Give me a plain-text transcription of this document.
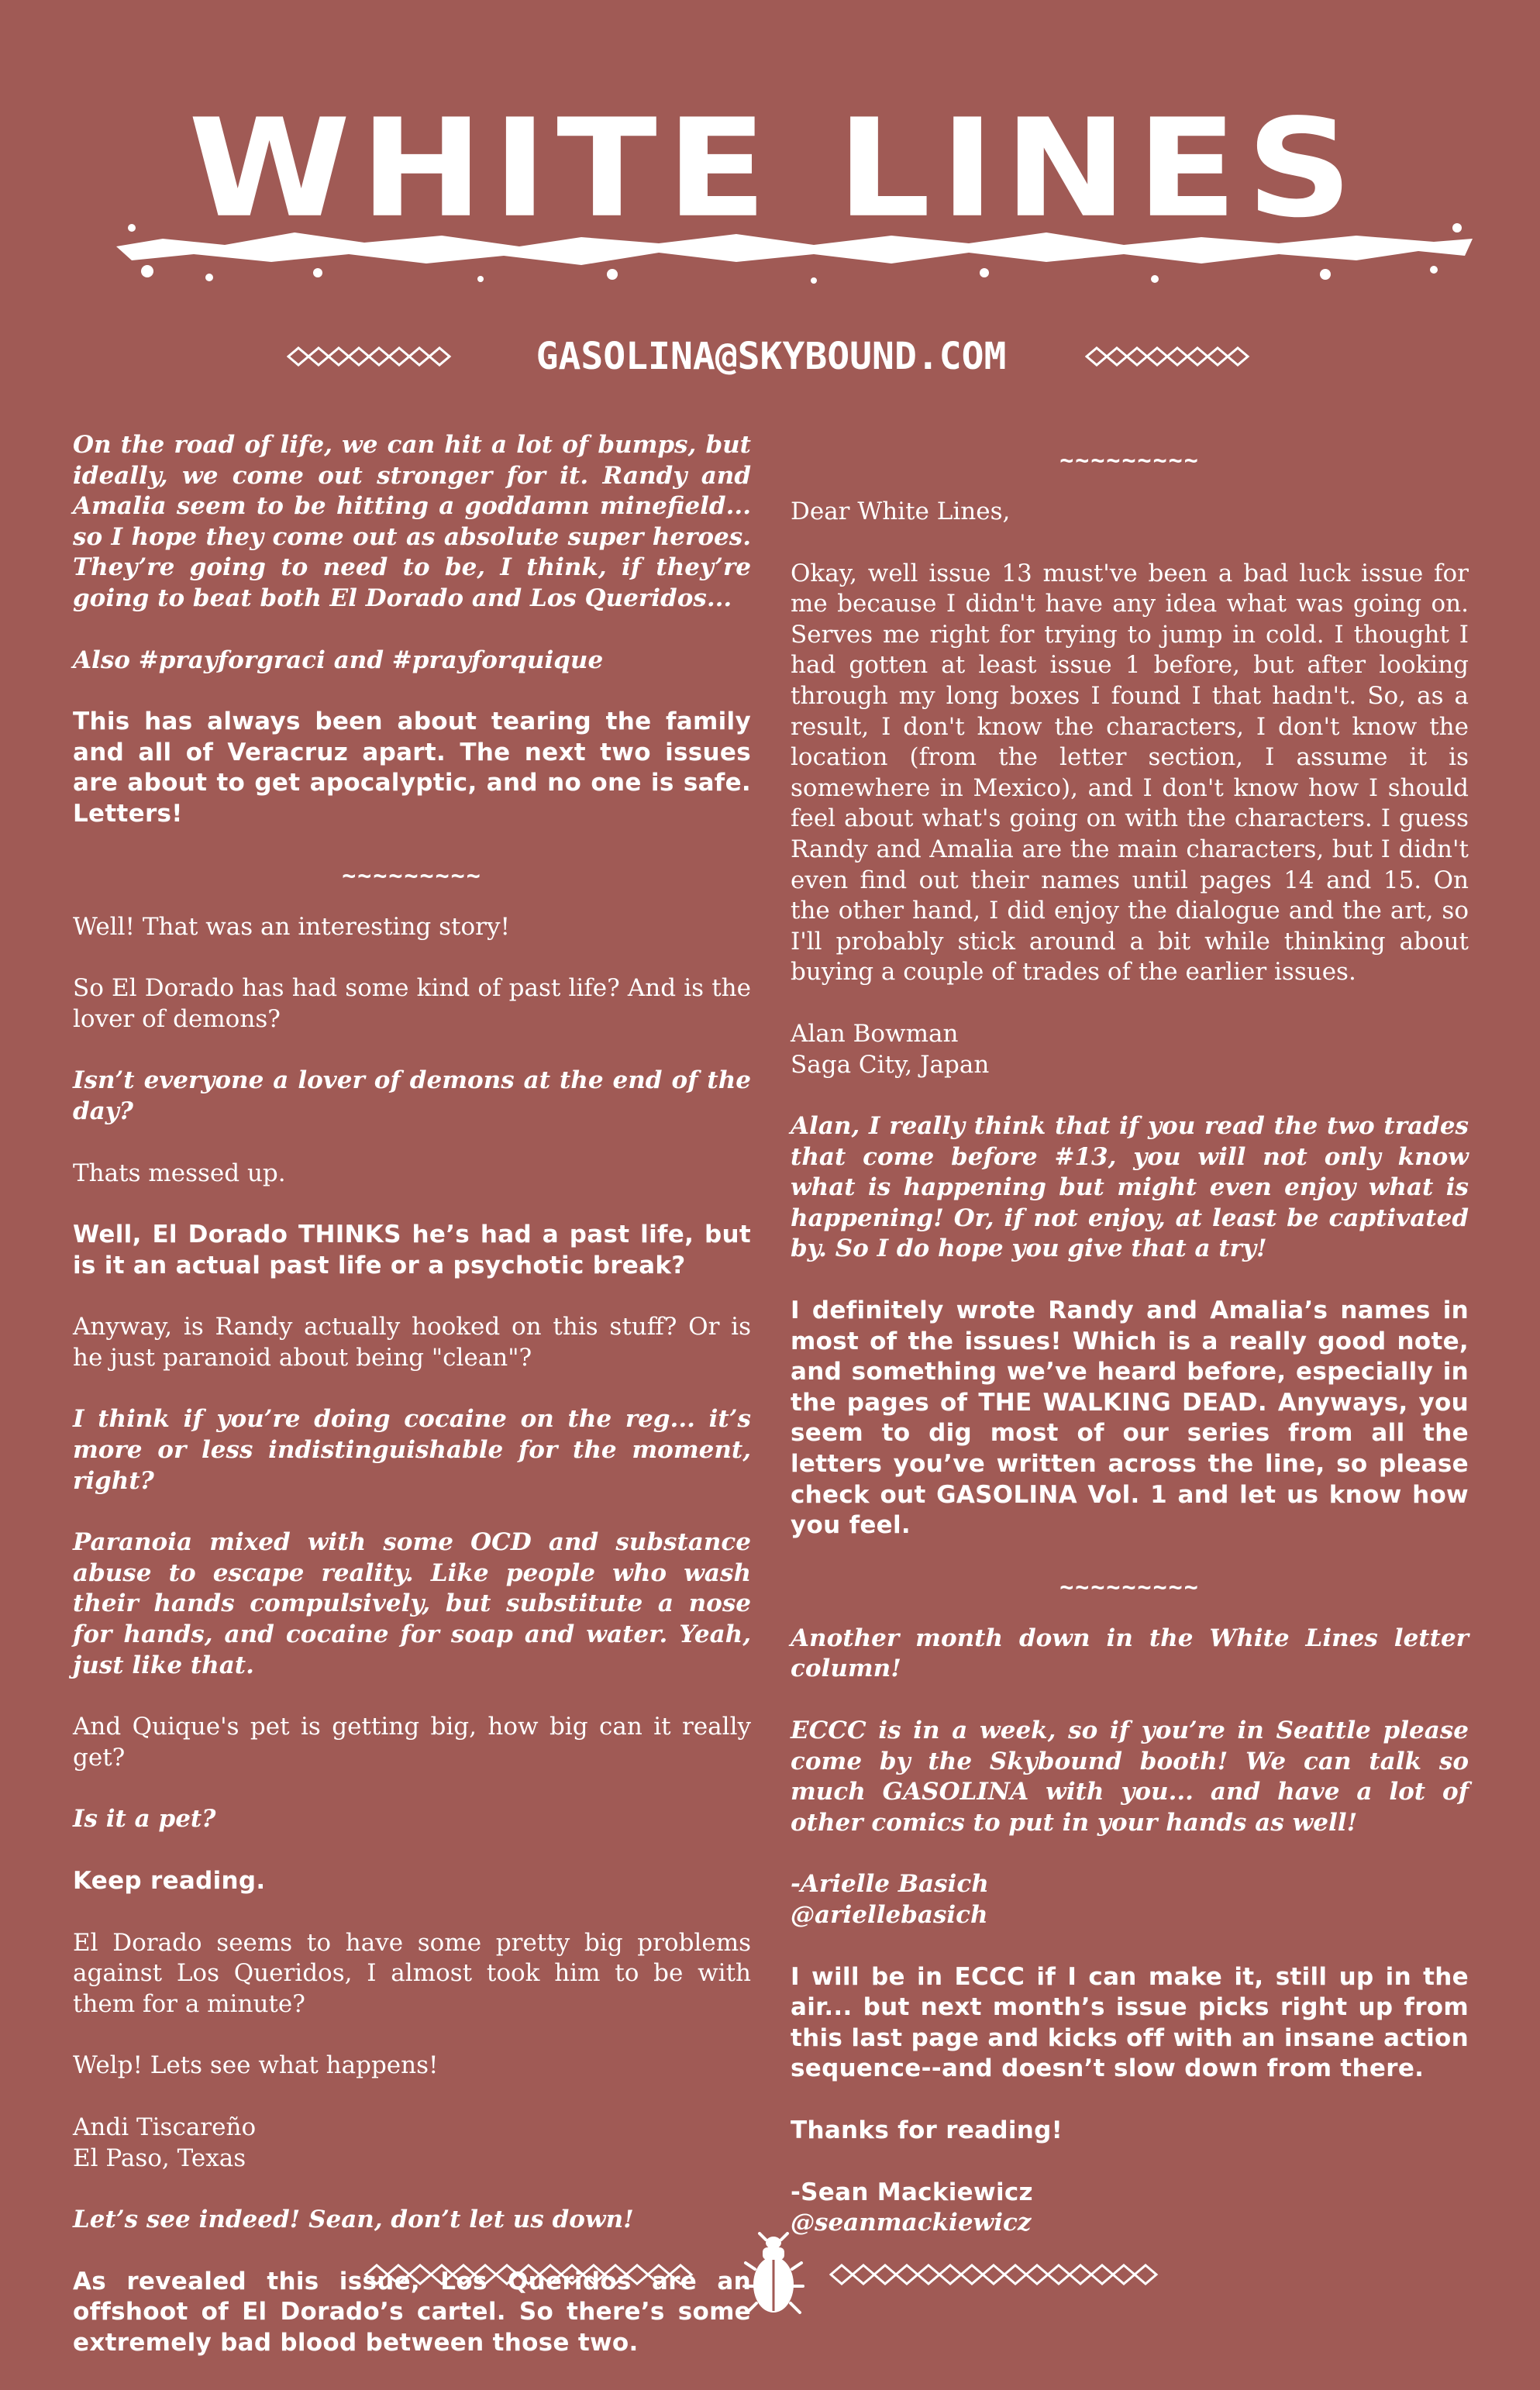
WHITE LINES
GASOLINA@SKYBOUND.COM

On the road of life, we can hit a lot of bumps, but ideally, we come out stronger for it. Randy and Amalia seem to be hitting a goddamn minefield... so I hope they come out as absolute super heroes. They’re going to need to be, I think, if they’re going to beat both El Dorado and Los Queridos...

Also #prayforgraci and #prayforquique

This has always been about tearing the family and all of Veracruz apart. The next two issues are about to get apocalyptic, and no one is safe. Letters!

~~~~~~~~~

Well! That was an interesting story!

So El Dorado has had some kind of past life? And is the lover of demons?

Isn’t everyone a lover of demons at the end of the day?

Thats messed up.

Well, El Dorado THINKS he’s had a past life, but is it an actual past life or a psychotic break?

Anyway, is Randy actually hooked on this stuff? Or is he just paranoid about being "clean"?

I think if you’re doing cocaine on the reg... it’s more or less indistinguishable for the moment, right?

Paranoia mixed with some OCD and substance abuse to escape reality. Like people who wash their hands compulsively, but substitute a nose for hands, and cocaine for soap and water. Yeah, just like that.

And Quique's pet is getting big, how big can it really get?

Is it a pet?

Keep reading.

El Dorado seems to have some pretty big problems against Los Queridos, I almost took him to be with them for a minute?

Welp! Lets see what happens!

Andi Tiscareño

El Paso, Texas

Let’s see indeed! Sean, don’t let us down!

As revealed this issue, Los Queridos are an offshoot of El Dorado’s cartel. So there’s some extremely bad blood between those two.

~~~~~~~~~

Dear White Lines,

Okay, well issue 13 must've been a bad luck issue for me because I didn't have any idea what was going on. Serves me right for trying to jump in cold. I thought I had gotten at least issue 1 before, but after looking through my long boxes I found I that hadn't. So, as a result, I don't know the characters, I don't know the location (from the letter section, I assume it is somewhere in Mexico), and I don't know how I should feel about what's going on with the characters. I guess Randy and Amalia are the main characters, but I didn't even find out their names until pages 14 and 15. On the other hand, I did enjoy the dialogue and the art, so I'll probably stick around a bit while thinking about buying a couple of trades of the earlier issues.

Alan Bowman

Saga City, Japan

Alan, I really think that if you read the two trades that come before #13, you will not only know what is happening but might even enjoy what is happening! Or, if not enjoy, at least be captivated by. So I do hope you give that a try!

I definitely wrote Randy and Amalia’s names in most of the issues! Which is a really good note, and something we’ve heard before, especially in the pages of THE WALKING DEAD. Anyways, you seem to dig most of our series from all the letters you’ve written across the line, so please check out GASOLINA Vol. 1 and let us know how you feel.

~~~~~~~~~

Another month down in the White Lines letter column!

ECCC is in a week, so if you’re in Seattle please come by the Skybound booth! We can talk so much GASOLINA with you... and have a lot of other comics to put in your hands as well!

-Arielle Basich

@ariellebasich

I will be in ECCC if I can make it, still up in the air... but next month’s issue picks right up from this last page and kicks off with an insane action sequence--and doesn’t slow down from there.

Thanks for reading!

-Sean Mackiewicz

@seanmackiewicz
